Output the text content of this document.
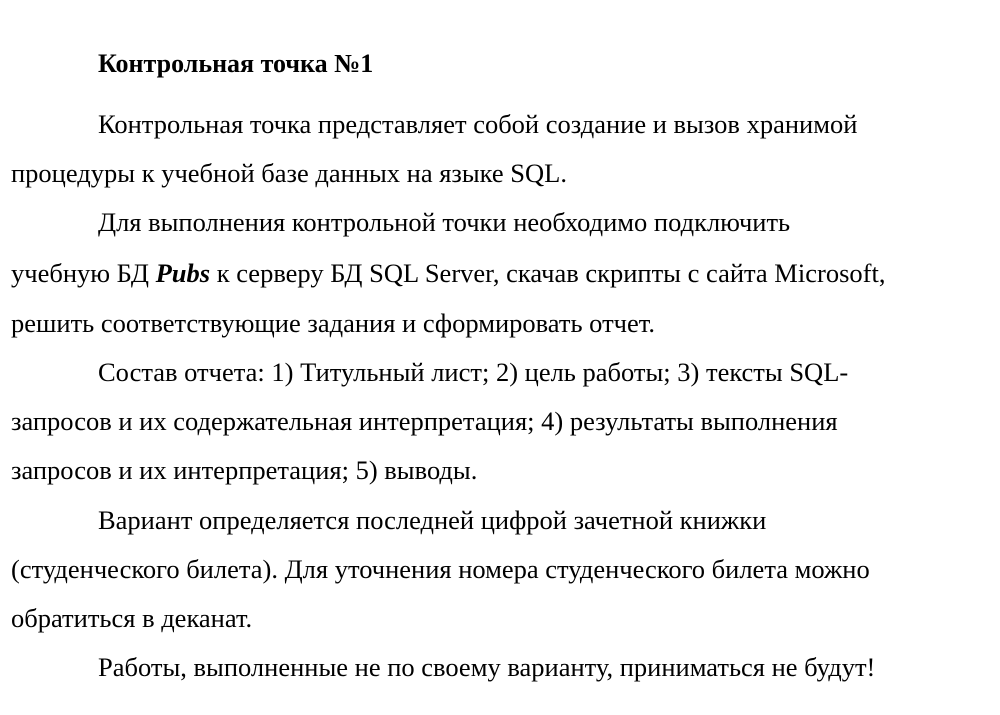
Контрольная точка №1
Контрольная точка представляет собой создание и вызов хранимой
процедуры к учебной базе данных на языке SQL.
Для выполнения контрольной точки необходимо подключить
учебную БД Pubs к серверу БД SQL Server, скачав скрипты с сайта Microsoft,
решить соответствующие задания и сформировать отчет.
Состав отчета: 1) Титульный лист; 2) цель работы; 3) тексты SQL-
запросов и их содержательная интерпретация; 4) результаты выполнения
запросов и их интерпретация; 5) выводы.
Вариант определяется последней цифрой зачетной книжки
(студенческого билета). Для уточнения номера студенческого билета можно
обратиться в деканат.
Работы, выполненные не по своему варианту, приниматься не будут!
